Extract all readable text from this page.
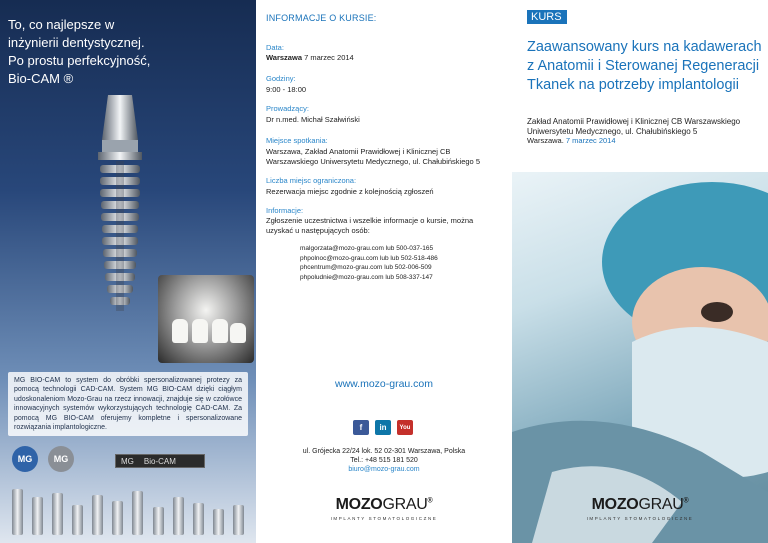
To, co najlepsze w
inżynierii dentystycznej.
Po prostu perfekcyjność,
Bio-CAM ®
MG BIO-CAM to system do obróbki spersonalizowanej protezy za pomocą technologii CAD-CAM. System MG BIO-CAM dzięki ciągłym udoskonaleniom Mozo-Grau na rzecz innowacji, znajduje się w czołówce innowacyjnych systemów wykorzystujących technologię CAD-CAM. Za pomocą MG BIO-CAM oferujemy kompletne i spersonalizowane rozwiązania implantologiczne.
MG	MG	MG Bio-CAM
INFORMACJE O KURSIE:
Data:
Warszawa 7 marzec 2014
Godziny:
9:00 - 18:00
Prowadzący:
Dr n.med. Michał Szałwiński
Miejsce spotkania:
Warszawa, Zakład Anatomii Prawidłowej i Klinicznej CB
Warszawskiego Uniwersytetu Medycznego, ul. Chałubińskiego 5
Liczba miejsc ograniczona:
Rezerwacja miejsc zgodnie z kolejnością zgłoszeń
Informacje:
Zgłoszenie uczestnictwa i wszelkie informacje o kursie, można
uzyskać u następujących osób:
malgorzata@mozo-grau.com lub 500-037-165
phpolnoc@mozo-grau.com lub lub 502-518-486
phcentrum@mozo-grau.com lub 502-006-509
phpoludnie@mozo-grau.com lub 508-337-147
www.mozo-grau.com
f	in	You
ul. Grójecka 22/24 lok. 52 02-301 Warszawa, Polska
Tel.: +48 515 181 520
biuro@mozo-grau.com
MOZOGRAU®
IMPLANTY STOMATOLOGICZNE
KURS
Zaawansowany kurs na kadawerach
z Anatomii i Sterowanej Regeneracji
Tkanek na potrzeby implantologii
Zakład Anatomii Prawidłowej i Klinicznej CB Warszawskiego
Uniwersytetu Medycznego, ul. Chałubińskiego 5
Warszawa. 7 marzec 2014
MOZOGRAU®
IMPLANTY STOMATOLOGICZNE
